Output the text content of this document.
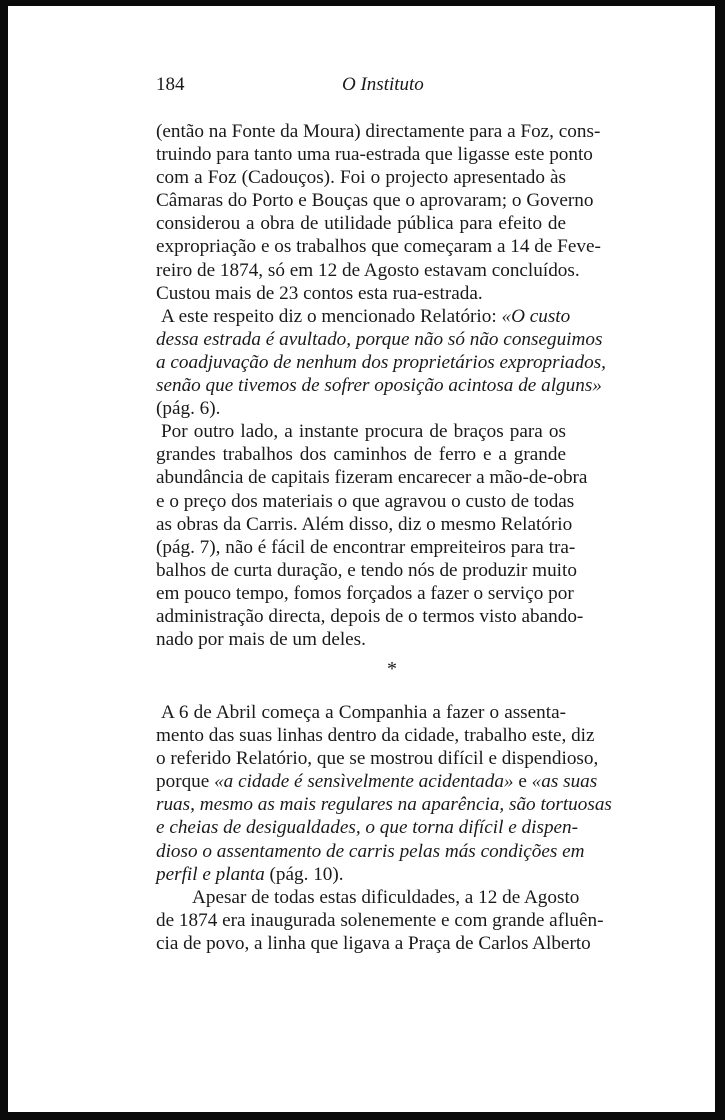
184	O Instituto
(então na Fonte da Moura) directamente para a Foz, cons-
truindo para tanto uma rua-estrada que ligasse este ponto
com a Foz (Cadouços). Foi o projecto apresentado às
Câmaras do Porto e Bouças que o aprovaram; o Governo
considerou a obra de utilidade pública para efeito de
expropriação e os trabalhos que começaram a 14 de Feve-
reiro de 1874, só em 12 de Agosto estavam concluídos.
Custou mais de 23 contos esta rua-estrada.
A este respeito diz o mencionado Relatório: «O custo
dessa estrada é avultado, porque não só não conseguimos
a coadjuvação de nenhum dos proprietários expropriados,
senão que tivemos de sofrer oposição acintosa de alguns»
(pág. 6).
Por outro lado, a instante procura de braços para os
grandes trabalhos dos caminhos de ferro e a grande
abundância de capitais fizeram encarecer a mão-de-obra
e o preço dos materiais o que agravou o custo de todas
as obras da Carris. Além disso, diz o mesmo Relatório
(pág. 7), não é fácil de encontrar empreiteiros para tra-
balhos de curta duração, e tendo nós de produzir muito
em pouco tempo, fomos forçados a fazer o serviço por
administração directa, depois de o termos visto abando-
nado por mais de um deles.
*
A 6 de Abril começa a Companhia a fazer o assenta-
mento das suas linhas dentro da cidade, trabalho este, diz
o referido Relatório, que se mostrou difícil e dispendioso,
porque «a cidade é sensìvelmente acidentada» e «as suas
ruas, mesmo as mais regulares na aparência, são tortuosas
e cheias de desigualdades, o que torna difícil e dispen-
dioso o assentamento de carris pelas más condições em
perfil e planta (pág. 10).
Apesar de todas estas dificuldades, a 12 de Agosto
de 1874 era inaugurada solenemente e com grande afluên-
cia de povo, a linha que ligava a Praça de Carlos Alberto
